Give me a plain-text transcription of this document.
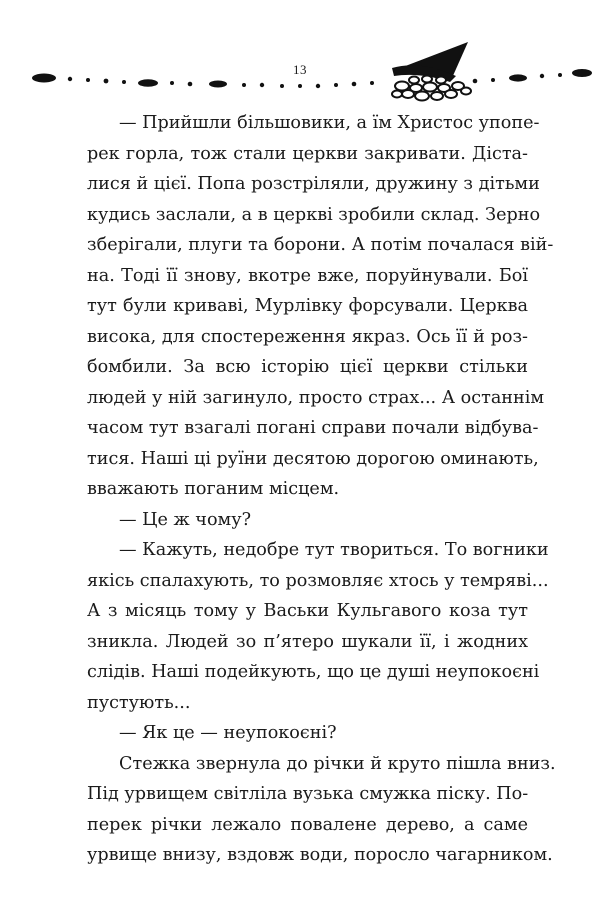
13
— Прийшли більшовики, а їм Христос упопе-
рек горла, тож стали церкви закривати. Діста-
лися й цієї. Попа розстріляли, дружину з дітьми
кудись заслали, а в церкві зробили склад. Зерно
зберігали, плуги та борони. А потім почалася вій-
на. Тоді її знову, вкотре вже, поруйнували. Бої
тут були криваві, Мурлівку форсували. Церква
висока, для спостереження якраз. Ось її й роз-
бомбили. За всю історію цієї церкви стільки
людей у ній загинуло, просто страх... А останнім
часом тут взагалі погані справи почали відбува-
тися. Наші ці руїни десятою дорогою оминають,
вважають поганим місцем.
— Це ж чому?
— Кажуть, недобре тут твориться. То вогники
якісь спалахують, то розмовляє хтось у темряві...
А з місяць тому у Васьки Кульгавого коза тут
зникла. Людей зо п’ятеро шукали її, і жодних
слідів. Наші подейкують, що це душі неупокоєні
пустують...
— Як це — неупокоєні?
Стежка звернула до річки й круто пішла вниз.
Під урвищем світліла вузька смужка піску. По-
перек річки лежало повалене дерево, а саме
урвище внизу, вздовж води, поросло чагарником.
